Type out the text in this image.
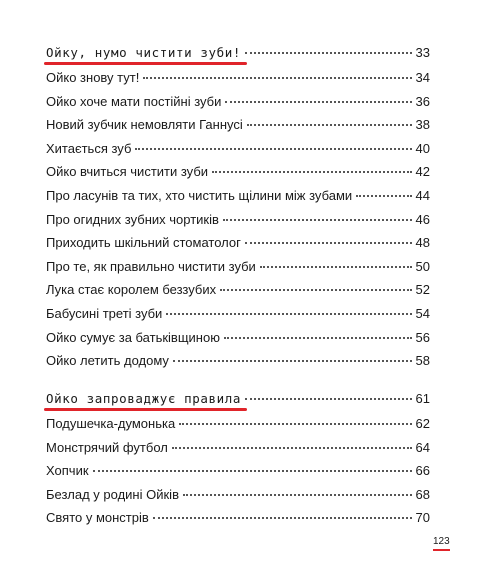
Ойку, нумо чистити зуби!	33
Ойко знову тут!	34
Ойко хоче мати постійні зуби	36
Новий зубчик немовляти Ганнусі	38
Хитається зуб	40
Ойко вчиться чистити зуби	42
Про ласунів та тих, хто чистить щілини між зубами	44
Про огидних зубних чортиків	46
Приходить шкільний стоматолог	48
Про те, як правильно чистити зуби	50
Лука стає королем беззубих	52
Бабусині треті зуби	54
Ойко сумує за батьківщиною	56
Ойко летить додому	58
Ойко запроваджує правила	61
Подушечка-думонька	62
Монстрячий футбол	64
Хопчик	66
Безлад у родині Ойків	68
Свято у монстрів	70
123
